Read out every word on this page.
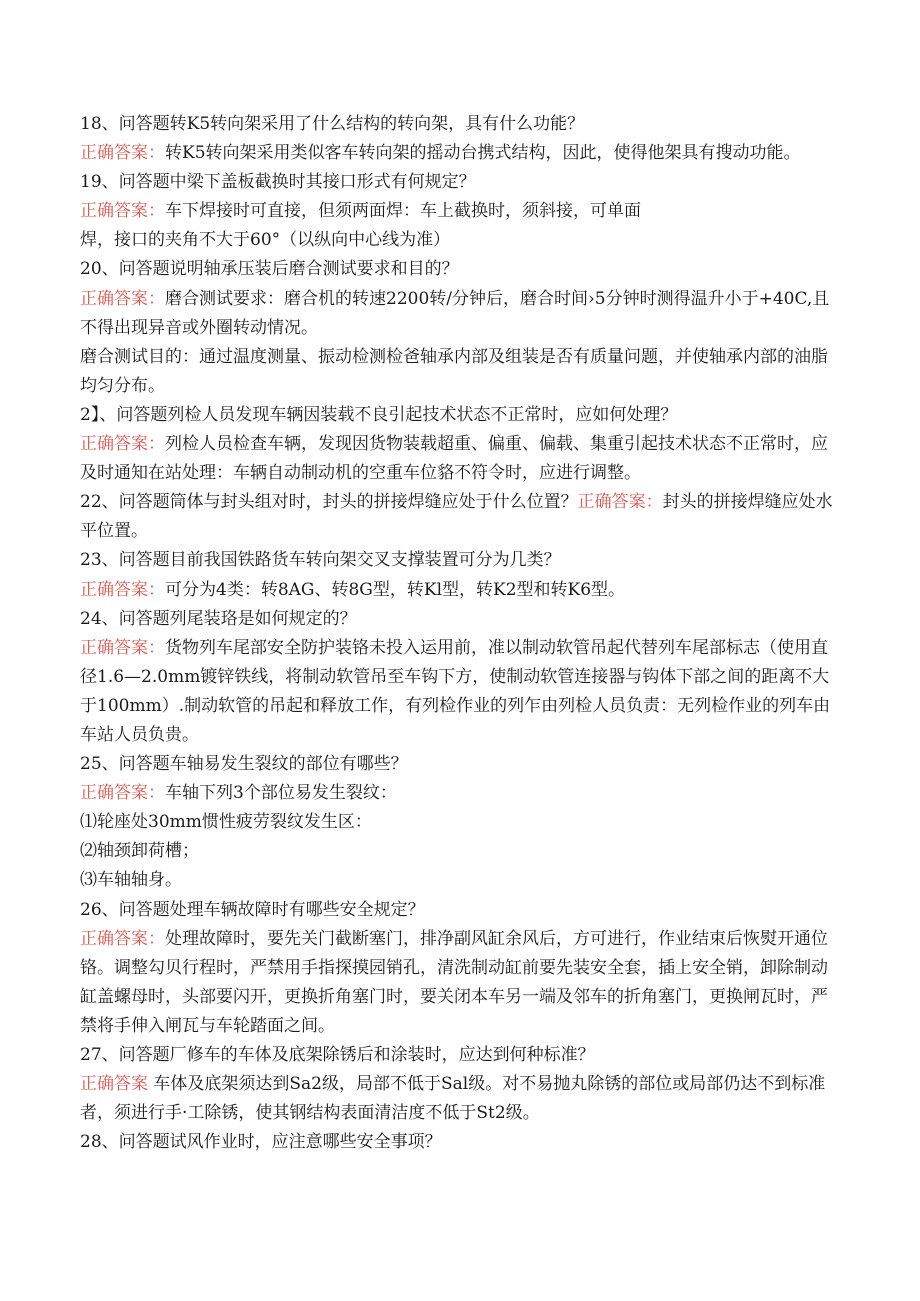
18、问答题转K5转向架采用了什么结构的转向架，具有什么功能？

正确答案：转K5转向架采用类似客车转向架的摇动台携式结构，因此，使得他架具有搜动功能。

19、问答题中梁下盖板截换时其接口形式有何规定？

正确答案：车下焊接时可直接，但须两面焊：车上截换时，须斜接，可单面

焊，接口的夹角不大于60°（以纵向中心线为准）

20、问答题说明轴承压装后磨合测试要求和目的？

正确答案：磨合测试要求：磨合机的转速2200转/分钟后，磨合时间›5分钟时测得温升小于+40C,且不得出现异音或外圈转动情况。

磨合测试目的：通过温度测量、振动检测检爸轴承内部及组装是否有质量问题，并使轴承内部的油脂均匀分布。

2】、问答题列检人员发现车辆因装载不良引起技术状态不正常时，应如何处理？

正确答案：列检人员检查车辆，发现因货物装载超重、偏重、偏载、集重引起技术状态不正常时，应及时通知在站处理：车辆自动制动机的空重车位貉不符令时，应进行调整。

22、问答题筒体与封头组对时，封头的拼接焊缝应处于什么位置？正确答案：封头的拼接焊缝应处水平位置。

23、问答题目前我国铁路货车转向架交叉支撑装置可分为几类？

正确答案：可分为4类：转8AG、转8G型，转Kl型，转K2型和转K6型。

24、问答题列尾装珞是如何规定的？

正确答案：货物列车尾部安全防护装铬未投入运用前，准以制动软管吊起代替列车尾部标志（使用直径1.6—2.0mm镀锌铁线，将制动软管吊至车钩下方，使制动软管连接器与钩体下部之间的距离不大于100mm）.制动软管的吊起和释放工作，有列检作业的列乍由列检人员负责：无列检作业的列车由车站人员负贵。

25、问答题车轴易发生裂纹的部位有哪些？

正确答案：车轴下列3个部位易发生裂纹：

⑴轮座处30mm惯性疲劳裂纹发生区：

⑵轴颈卸荷槽；

⑶车轴轴身。

26、问答题处理车辆故障时有哪些安全规定？

正确答案：处理故障时，要先关门截断塞门，排净副风缸余风后，方可进行，作业结束后恢熨开通位铬。调整勾贝行程时，严禁用手指探摸园销孔，清洗制动缸前要先装安全套，插上安全销，卸除制动缸盖螺母时，头部要闪开，更换折角塞门时，要关闭本车另一端及邻车的折角塞门，更换闸瓦时，严禁将手伸入闸瓦与车轮踏面之间。

27、问答题厂修车的车体及底架除锈后和涂装时，应达到何种标准？

正确答案 车体及底架须达到Sa2级，局部不低于Sal级。对不易抛丸除锈的部位或局部仍达不到标准者，须进行手·工除锈，使其钢结构表面清洁度不低于St2级。

28、问答题试风作业时，应注意哪些安全事项？
